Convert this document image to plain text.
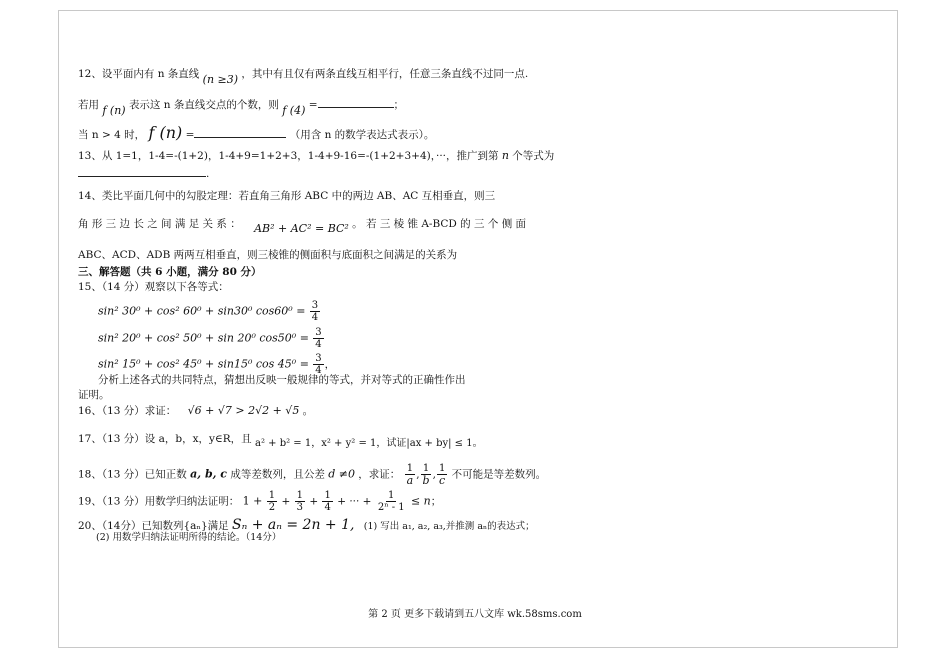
12、设平面内有 n 条直线 (n ≥3) ，其中有且仅有两条直线互相平行，任意三条直线不过同一点.
若用 f (n) 表示这 n 条直线交点的个数，则 f (4) =	；
当 n > 4 时， f (n) =	（用含 n 的数学表达式表示）。
13、从 1=1，1-4=-(1+2)，1-4+9=1+2+3，1-4+9-16=-(1+2+3+4)，···，推广到第 n 个等式为
.
14、类比平面几何中的勾股定理：若直角三角形 ABC 中的两边 AB、AC 互相垂直，则三
角 形 三 边 长 之 间 满 足 关 系 ： AB² + AC² = BC² 。 若 三 棱 锥 A-BCD 的 三 个 侧 面
ABC、ACD、ADB 两两互相垂直，则三棱锥的侧面积与底面积之间满足的关系为
三、解答题（共 6 小题，满分 80 分）
15、（14 分）观察以下各等式：
sin² 30⁰ + cos² 60⁰ + sin30⁰ $\cos 60^0 = \frac{3}{4}$
sin² 20⁰ + cos² 50⁰ + sin 20⁰ $\cos 50^0 = \frac{3}{4}$
sin² 15⁰ + cos² 45⁰ + sin15⁰ $\cos 45^0 = \frac{3}{4}$ ，
分析上述各式的共同特点，猜想出反映一般规律的等式，并对等式的正确性作出
证明。
16、（13 分）求证： √6 + √7 > 2√2 + √5 。
17、（13 分）设 a，b，x，y∈R，且 a² + b² = 1，x² + y² = 1，试证|ax + by| ≤ 1。
18、（13 分）已知正数 a, b, c 成等差数列，且公差 d ≠0 ，求证： $\frac{1}{a}$ , $\frac{1}{b}$ , $\frac{1}{c}$ 不可能是等差数列。
19、（13 分）用数学归纳法证明： $1 + \frac{1}{2} + \frac{1}{3} + \frac{1}{4}$ + ··· + $\frac{1}{\text{2ⁿ - 1}} \le n$；
20、（14分）已知数列{aₙ}满足 Sₙ + aₙ = 2n + 1, (1) 写出 a₁, a₂, a₃,并推测 aₙ的表达式；
(2) 用数学归纳法证明所得的结论。（14分）
第 2 页 更多下载请到五八文库 wk.58sms.com
